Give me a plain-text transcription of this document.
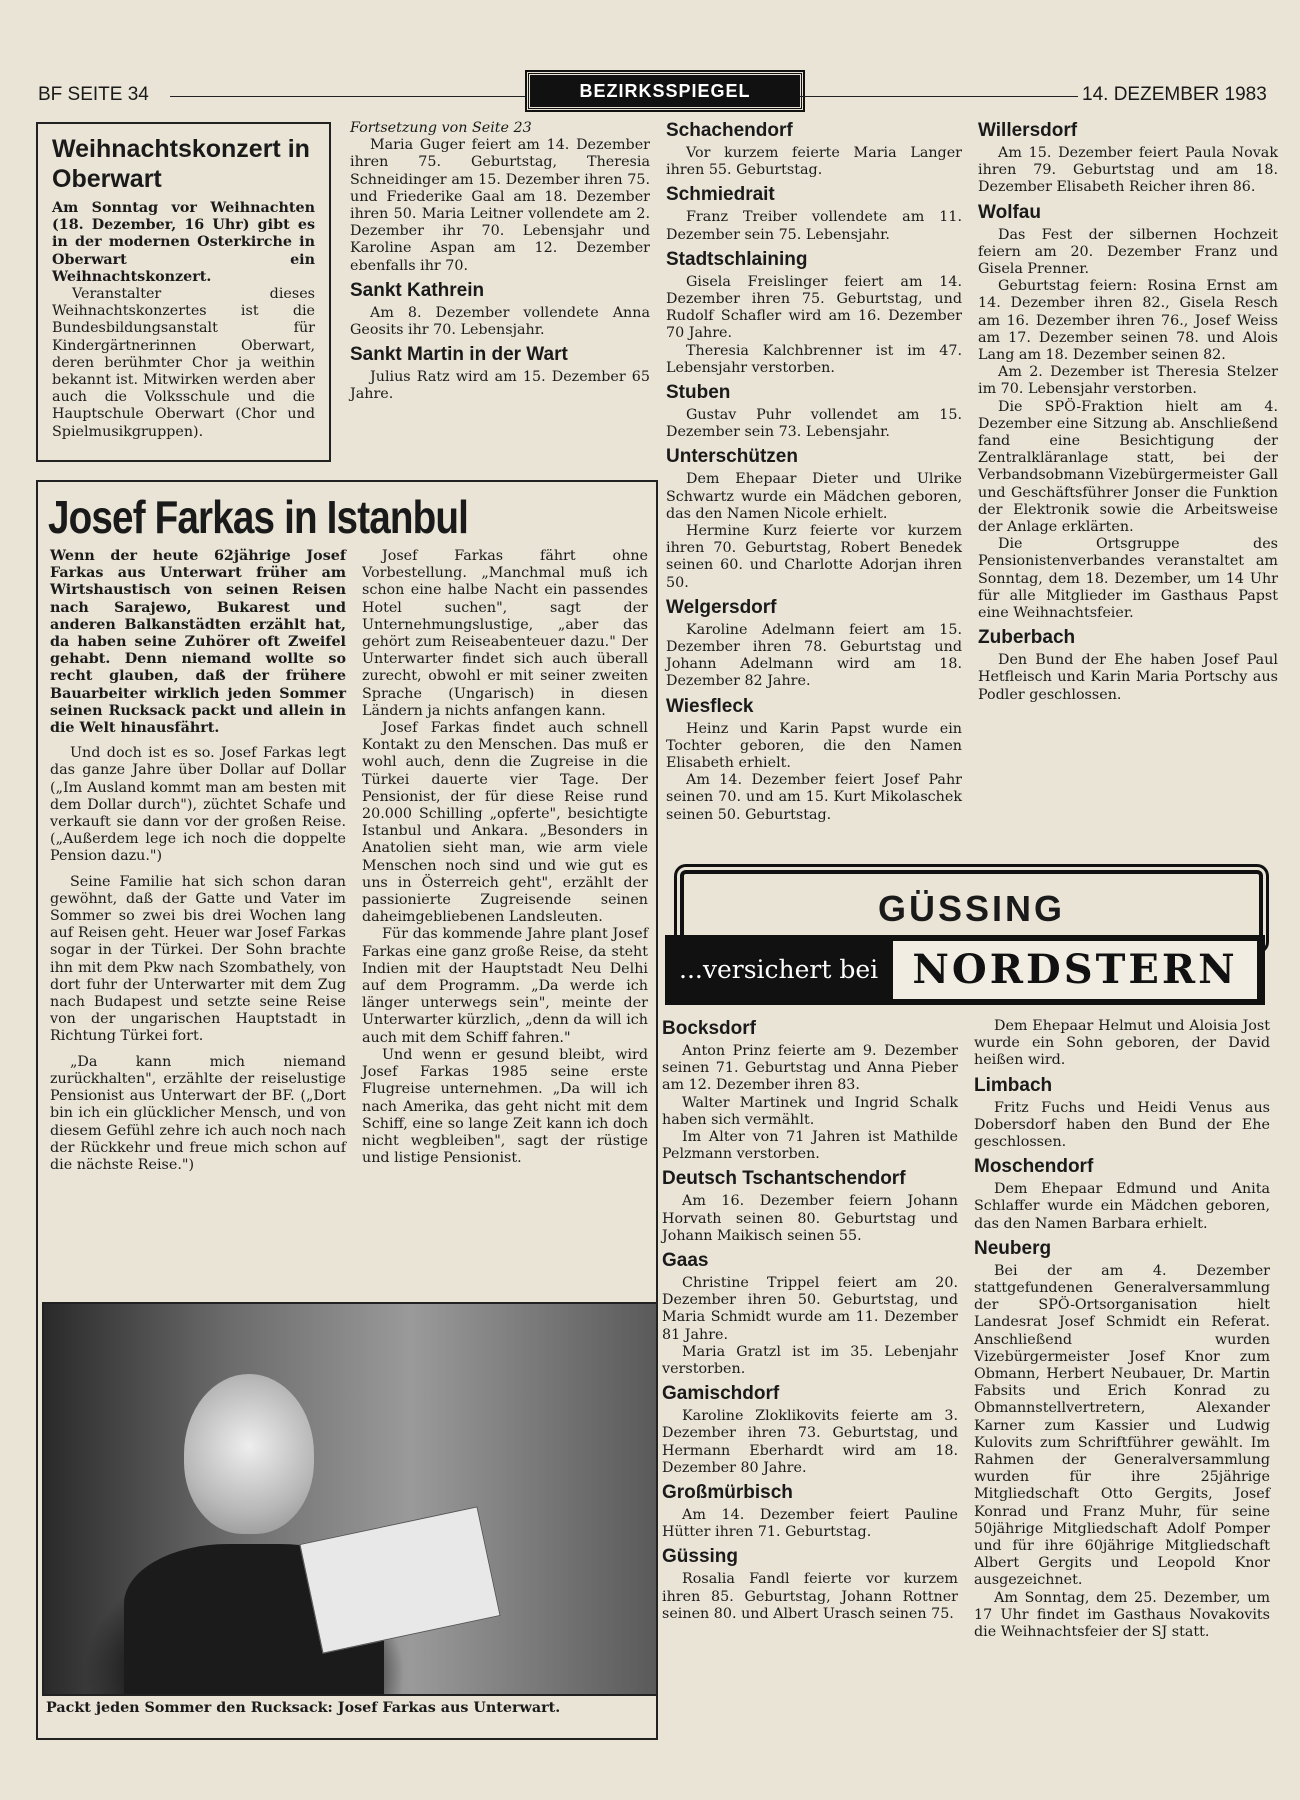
BF SEITE 34	BEZIRKSSPIEGEL	14. DEZEMBER 1983
Weihnachtskonzert in Oberwart

Am Sonntag vor Weihnachten (18. Dezember, 16 Uhr) gibt es in der modernen Osterkirche in Oberwart ein Weihnachtskonzert.

Veranstalter dieses Weihnachtskonzertes ist die Bundesbildungsanstalt für Kindergärtnerinnen Oberwart, deren berühmter Chor ja weithin bekannt ist. Mitwirken werden aber auch die Volksschule und die Hauptschule Oberwart (Chor und Spielmusikgruppen).

Fortsetzung von Seite 23

Maria Guger feiert am 14. Dezember ihren 75. Geburtstag, Theresia Schneidinger am 15. Dezember ihren 75. und Friederike Gaal am 18. Dezember ihren 50. Maria Leitner vollendete am 2. Dezember ihr 70. Lebensjahr und Karoline Aspan am 12. Dezember ebenfalls ihr 70.

Sankt Kathrein

Am 8. Dezember vollendete Anna Geosits ihr 70. Lebensjahr.

Sankt Martin in der Wart

Julius Ratz wird am 15. Dezember 65 Jahre.

Josef Farkas in Istanbul

Wenn der heute 62jährige Josef Farkas aus Unterwart früher am Wirtshaustisch von seinen Reisen nach Sarajewo, Bukarest und anderen Balkanstädten erzählt hat, da haben seine Zuhörer oft Zweifel gehabt. Denn niemand wollte so recht glauben, daß der frühere Bauarbeiter wirklich jeden Sommer seinen Rucksack packt und allein in die Welt hinausfährt.

Und doch ist es so. Josef Farkas legt das ganze Jahre über Dollar auf Dollar („Im Ausland kommt man am besten mit dem Dollar durch"), züchtet Schafe und verkauft sie dann vor der großen Reise. („Außerdem lege ich noch die doppelte Pension dazu.")

Seine Familie hat sich schon daran gewöhnt, daß der Gatte und Vater im Sommer so zwei bis drei Wochen lang auf Reisen geht. Heuer war Josef Farkas sogar in der Türkei. Der Sohn brachte ihn mit dem Pkw nach Szombathely, von dort fuhr der Unterwarter mit dem Zug nach Budapest und setzte seine Reise von der ungarischen Hauptstadt in Richtung Türkei fort.

„Da kann mich niemand zurückhalten", erzählte der reiselustige Pensionist aus Unterwart der BF. („Dort bin ich ein glücklicher Mensch, und von diesem Gefühl zehre ich auch noch nach der Rückkehr und freue mich schon auf die nächste Reise.")

Josef Farkas fährt ohne Vorbestellung. „Manchmal muß ich schon eine halbe Nacht ein passendes Hotel suchen", sagt der Unternehmungslustige, „aber das gehört zum Reiseabenteuer dazu." Der Unterwarter findet sich auch überall zurecht, obwohl er mit seiner zweiten Sprache (Ungarisch) in diesen Ländern ja nichts anfangen kann.

Josef Farkas findet auch schnell Kontakt zu den Menschen. Das muß er wohl auch, denn die Zugreise in die Türkei dauerte vier Tage. Der Pensionist, der für diese Reise rund 20.000 Schilling „opferte", besichtigte Istanbul und Ankara. „Besonders in Anatolien sieht man, wie arm viele Menschen noch sind und wie gut es uns in Österreich geht", erzählt der passionierte Zugreisende seinen daheimgebliebenen Landsleuten.

Für das kommende Jahre plant Josef Farkas eine ganz große Reise, da steht Indien mit der Hauptstadt Neu Delhi auf dem Programm. „Da werde ich länger unterwegs sein", meinte der Unterwarter kürzlich, „denn da will ich auch mit dem Schiff fahren."

Und wenn er gesund bleibt, wird Josef Farkas 1985 seine erste Flugreise unternehmen. „Da will ich nach Amerika, das geht nicht mit dem Schiff, eine so lange Zeit kann ich doch nicht wegbleiben", sagt der rüstige und listige Pensionist.

Packt jeden Sommer den Rucksack: Josef Farkas aus Unterwart.
Schachendorf

Vor kurzem feierte Maria Langer ihren 55. Geburtstag.

Schmiedrait

Franz Treiber vollendete am 11. Dezember sein 75. Lebensjahr.

Stadtschlaining

Gisela Freislinger feiert am 14. Dezember ihren 75. Geburtstag, und Rudolf Schafler wird am 16. Dezember 70 Jahre.

Theresia Kalchbrenner ist im 47. Lebensjahr verstorben.

Stuben

Gustav Puhr vollendet am 15. Dezember sein 73. Lebensjahr.

Unterschützen

Dem Ehepaar Dieter und Ulrike Schwartz wurde ein Mädchen geboren, das den Namen Nicole erhielt.

Hermine Kurz feierte vor kurzem ihren 70. Geburtstag, Robert Benedek seinen 60. und Charlotte Adorjan ihren 50.

Welgersdorf

Karoline Adelmann feiert am 15. Dezember ihren 78. Geburtstag und Johann Adelmann wird am 18. Dezember 82 Jahre.

Wiesfleck

Heinz und Karin Papst wurde ein Tochter geboren, die den Namen Elisabeth erhielt.

Am 14. Dezember feiert Josef Pahr seinen 70. und am 15. Kurt Mikolaschek seinen 50. Geburtstag.

Willersdorf

Am 15. Dezember feiert Paula Novak ihren 79. Geburtstag und am 18. Dezember Elisabeth Reicher ihren 86.

Wolfau

Das Fest der silbernen Hochzeit feiern am 20. Dezember Franz und Gisela Prenner.

Geburtstag feiern: Rosina Ernst am 14. Dezember ihren 82., Gisela Resch am 16. Dezember ihren 76., Josef Weiss am 17. Dezember seinen 78. und Alois Lang am 18. Dezember seinen 82.

Am 2. Dezember ist Theresia Stelzer im 70. Lebensjahr verstorben.

Die SPÖ-Fraktion hielt am 4. Dezember eine Sitzung ab. Anschließend fand eine Besichtigung der Zentralkläranlage statt, bei der Verbandsobmann Vizebürgermeister Gall und Geschäftsführer Jonser die Funktion der Elektronik sowie die Arbeitsweise der Anlage erklärten.

Die Ortsgruppe des Pensionistenverbandes veranstaltet am Sonntag, dem 18. Dezember, um 14 Uhr für alle Mitglieder im Gasthaus Papst eine Weihnachtsfeier.

Zuberbach

Den Bund der Ehe haben Josef Paul Hetfleisch und Karin Maria Portschy aus Podler geschlossen.

GÜSSING
...versichert bei NORDSTERN
Bocksdorf

Anton Prinz feierte am 9. Dezember seinen 71. Geburtstag und Anna Pieber am 12. Dezember ihren 83.

Walter Martinek und Ingrid Schalk haben sich vermählt.

Im Alter von 71 Jahren ist Mathilde Pelzmann verstorben.

Deutsch Tschantschendorf

Am 16. Dezember feiern Johann Horvath seinen 80. Geburtstag und Johann Maikisch seinen 55.

Gaas

Christine Trippel feiert am 20. Dezember ihren 50. Geburtstag, und Maria Schmidt wurde am 11. Dezember 81 Jahre.

Maria Gratzl ist im 35. Lebenjahr verstorben.

Gamischdorf

Karoline Zloklikovits feierte am 3. Dezember ihren 73. Geburtstag, und Hermann Eberhardt wird am 18. Dezember 80 Jahre.

Großmürbisch

Am 14. Dezember feiert Pauline Hütter ihren 71. Geburtstag.

Güssing

Rosalia Fandl feierte vor kurzem ihren 85. Geburtstag, Johann Rottner seinen 80. und Albert Urasch seinen 75.

Dem Ehepaar Helmut und Aloisia Jost wurde ein Sohn geboren, der David heißen wird.

Limbach

Fritz Fuchs und Heidi Venus aus Dobersdorf haben den Bund der Ehe geschlossen.

Moschendorf

Dem Ehepaar Edmund und Anita Schlaffer wurde ein Mädchen geboren, das den Namen Barbara erhielt.

Neuberg

Bei der am 4. Dezember stattgefundenen Generalversammlung der SPÖ-Ortsorganisation hielt Landesrat Josef Schmidt ein Referat. Anschließend wurden Vizebürgermeister Josef Knor zum Obmann, Herbert Neubauer, Dr. Martin Fabsits und Erich Konrad zu Obmannstellvertretern, Alexander Karner zum Kassier und Ludwig Kulovits zum Schriftführer gewählt. Im Rahmen der Generalversammlung wurden für ihre 25jährige Mitgliedschaft Otto Gergits, Josef Konrad und Franz Muhr, für seine 50jährige Mitgliedschaft Adolf Pomper und für ihre 60jährige Mitgliedschaft Albert Gergits und Leopold Knor ausgezeichnet.

Am Sonntag, dem 25. Dezember, um 17 Uhr findet im Gasthaus Novakovits die Weihnachtsfeier der SJ statt.
